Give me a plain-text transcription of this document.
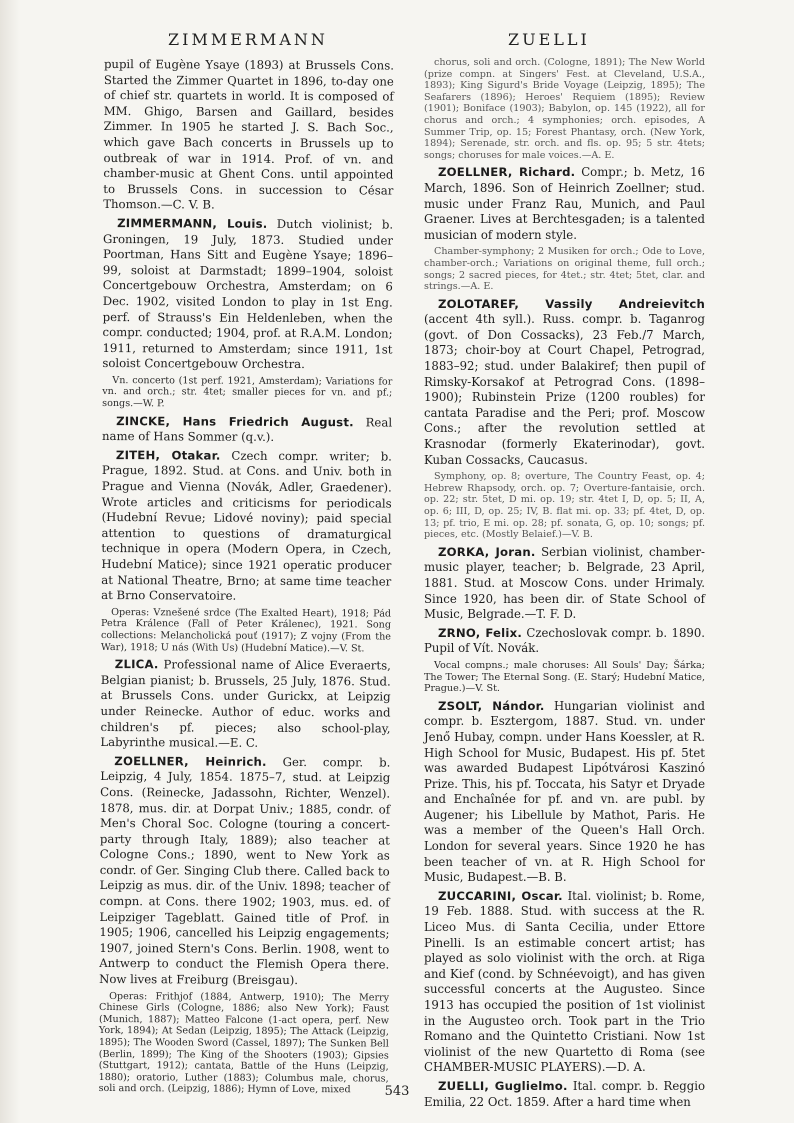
ZIMMERMANN	ZUELLI

pupil of Eugène Ysaye (1893) at Brussels Cons. Started the Zimmer Quartet in 1896, to-day one of chief str. quartets in world. It is composed of MM. Ghigo, Barsen and Gaillard, besides Zimmer. In 1905 he started J. S. Bach Soc., which gave Bach concerts in Brussels up to outbreak of war in 1914. Prof. of vn. and chamber-music at Ghent Cons. until appointed to Brussels Cons. in succession to César Thomson.—C. V. B.

ZIMMERMANN, Louis. Dutch violinist; b. Groningen, 19 July, 1873. Studied under Poortman, Hans Sitt and Eugène Ysaye; 1896–99, soloist at Darmstadt; 1899–1904, soloist Concertgebouw Orchestra, Amsterdam; on 6 Dec. 1902, visited London to play in 1st Eng. perf. of Strauss's Ein Heldenleben, when the compr. conducted; 1904, prof. at R.A.M. London; 1911, returned to Amsterdam; since 1911, 1st soloist Concertgebouw Orchestra.

Vn. concerto (1st perf. 1921, Amsterdam); Variations for vn. and orch.; str. 4tet; smaller pieces for vn. and pf.; songs.—W. P.

ZINCKE, Hans Friedrich August. Real name of Hans Sommer (q.v.).

ZITEH, Otakar. Czech compr. writer; b. Prague, 1892. Stud. at Cons. and Univ. both in Prague and Vienna (Novák, Adler, Graedener). Wrote articles and criticisms for periodicals (Hudební Revue; Lidové noviny); paid special attention to questions of dramaturgical technique in opera (Modern Opera, in Czech, Hudební Matice); since 1921 operatic producer at National Theatre, Brno; at same time teacher at Brno Conservatoire.

Operas: Vznešené srdce (The Exalted Heart), 1918; Pád Petra Králence (Fall of Peter Králenec), 1921. Song collections: Melancholická pouť (1917); Z vojny (From the War), 1918; U nás (With Us) (Hudební Matice).—V. St.

ZLICA. Professional name of Alice Everaerts, Belgian pianist; b. Brussels, 25 July, 1876. Stud. at Brussels Cons. under Gurickx, at Leipzig under Reinecke. Author of educ. works and children's pf. pieces; also school-play, Labyrinthe musical.—E. C.

ZOELLNER, Heinrich. Ger. compr. b. Leipzig, 4 July, 1854. 1875–7, stud. at Leipzig Cons. (Reinecke, Jadassohn, Richter, Wenzel). 1878, mus. dir. at Dorpat Univ.; 1885, condr. of Men's Choral Soc. Cologne (touring a concert-party through Italy, 1889); also teacher at Cologne Cons.; 1890, went to New York as condr. of Ger. Singing Club there. Called back to Leipzig as mus. dir. of the Univ. 1898; teacher of compn. at Cons. there 1902; 1903, mus. ed. of Leipziger Tageblatt. Gained title of Prof. in 1905; 1906, cancelled his Leipzig engagements; 1907, joined Stern's Cons. Berlin. 1908, went to Antwerp to conduct the Flemish Opera there. Now lives at Freiburg (Breisgau).

Operas: Frithjof (1884, Antwerp, 1910); The Merry Chinese Girls (Cologne, 1886; also New York); Faust (Munich, 1887); Matteo Falcone (1-act opera, perf. New York, 1894); At Sedan (Leipzig, 1895); The Attack (Leipzig, 1895); The Wooden Sword (Cassel, 1897); The Sunken Bell (Berlin, 1899); The King of the Shooters (1903); Gipsies (Stuttgart, 1912); cantata, Battle of the Huns (Leipzig, 1880); oratorio, Luther (1883); Columbus male, chorus, soli and orch. (Leipzig, 1886); Hymn of Love, mixed

chorus, soli and orch. (Cologne, 1891); The New World (prize compn. at Singers' Fest. at Cleveland, U.S.A., 1893); King Sigurd's Bride Voyage (Leipzig, 1895); The Seafarers (1896); Heroes' Requiem (1895); Review (1901); Boniface (1903); Babylon, op. 145 (1922), all for chorus and orch.; 4 symphonies; orch. episodes, A Summer Trip, op. 15; Forest Phantasy, orch. (New York, 1894); Serenade, str. orch. and fls. op. 95; 5 str. 4tets; songs; choruses for male voices.—A. E.

ZOELLNER, Richard. Compr.; b. Metz, 16 March, 1896. Son of Heinrich Zoellner; stud. music under Franz Rau, Munich, and Paul Graener. Lives at Berchtesgaden; is a talented musician of modern style.

Chamber-symphony; 2 Musiken for orch.; Ode to Love, chamber-orch.; Variations on original theme, full orch.; songs; 2 sacred pieces, for 4tet.; str. 4tet; 5tet, clar. and strings.—A. E.

ZOLOTAREF, Vassily Andreievitch (accent 4th syll.). Russ. compr. b. Taganrog (govt. of Don Cossacks), 23 Feb./7 March, 1873; choir-boy at Court Chapel, Petrograd, 1883–92; stud. under Balakiref; then pupil of Rimsky-Korsakof at Petrograd Cons. (1898–1900); Rubinstein Prize (1200 roubles) for cantata Paradise and the Peri; prof. Moscow Cons.; after the revolution settled at Krasnodar (formerly Ekaterinodar), govt. Kuban Cossacks, Caucasus.

Symphony, op. 8; overture, The Country Feast, op. 4; Hebrew Rhapsody, orch. op. 7; Overture-fantaisie, orch. op. 22; str. 5tet, D mi. op. 19; str. 4tet I, D, op. 5; II, A, op. 6; III, D, op. 25; IV, B. flat mi. op. 33; pf. 4tet, D, op. 13; pf. trio, E mi. op. 28; pf. sonata, G, op. 10; songs; pf. pieces, etc. (Mostly Belaief.)—V. B.

ZORKA, Joran. Serbian violinist, chamber-music player, teacher; b. Belgrade, 23 April, 1881. Stud. at Moscow Cons. under Hrimaly. Since 1920, has been dir. of State School of Music, Belgrade.—T. F. D.

ZRNO, Felix. Czechoslovak compr. b. 1890. Pupil of Vít. Novák.

Vocal compns.; male choruses: All Souls' Day; Šárka; The Tower; The Eternal Song. (E. Starý; Hudební Matice, Prague.)—V. St.

ZSOLT, Nándor. Hungarian violinist and compr. b. Esztergom, 1887. Stud. vn. under Jenő Hubay, compn. under Hans Koessler, at R. High School for Music, Budapest. His pf. 5tet was awarded Budapest Lipótvárosi Kaszinó Prize. This, his pf. Toccata, his Satyr et Dryade and Enchaînée for pf. and vn. are publ. by Augener; his Libellule by Mathot, Paris. He was a member of the Queen's Hall Orch. London for several years. Since 1920 he has been teacher of vn. at R. High School for Music, Budapest.—B. B.

ZUCCARINI, Oscar. Ital. violinist; b. Rome, 19 Feb. 1888. Stud. with success at the R. Liceo Mus. di Santa Cecilia, under Ettore Pinelli. Is an estimable concert artist; has played as solo violinist with the orch. at Riga and Kief (cond. by Schnéevoigt), and has given successful concerts at the Augusteo. Since 1913 has occupied the position of 1st violinist in the Augusteo orch. Took part in the Trio Romano and the Quintetto Cristiani. Now 1st violinist of the new Quartetto di Roma (see CHAMBER-MUSIC PLAYERS).—D. A.

ZUELLI, Guglielmo. Ital. compr. b. Reggio Emilia, 22 Oct. 1859. After a hard time when

543
